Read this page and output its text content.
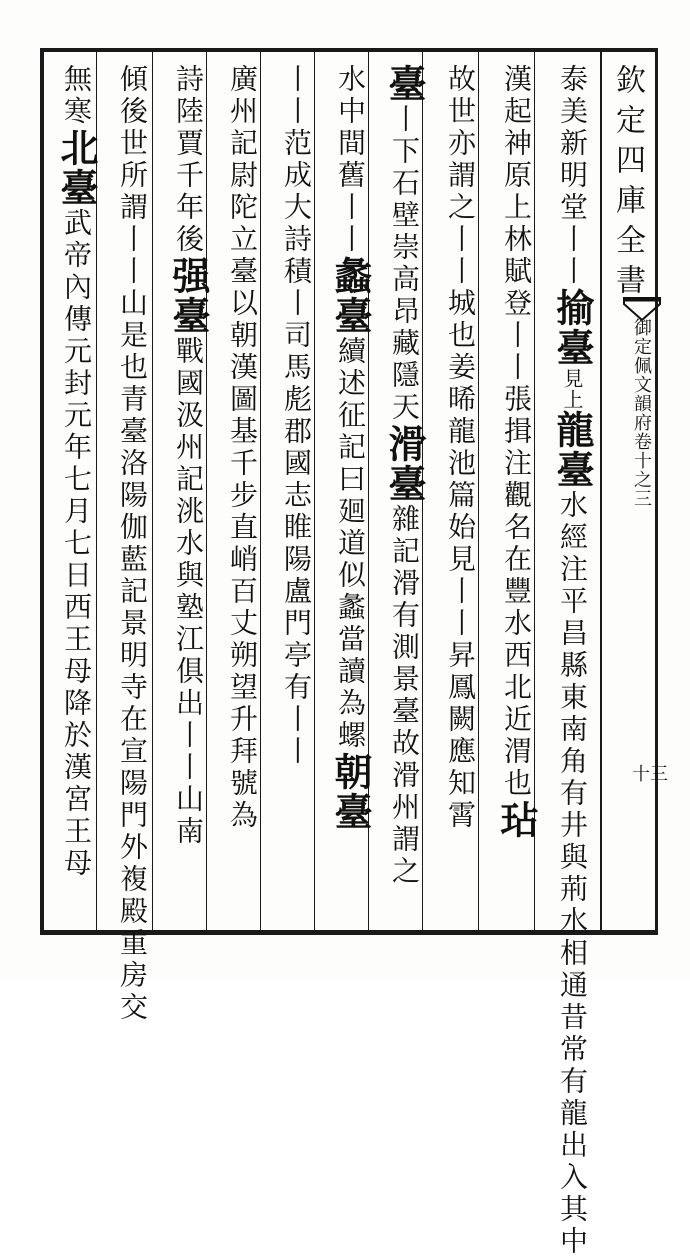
欽定四庫全書
御定佩文韻府卷十之三
十三
泰美新明堂丨丨揄臺見上龍臺水經注平昌縣東南角有井與荊水相通昔常有龍出入其中
漢起神原上林賦登丨丨張揖注觀名在豐水西北近渭也玷
故世亦謂之丨丨城也姜晞龍池篇始見丨丨昇鳳闕應知霄
臺丨下石壁崇高昂藏隱天滑臺雜記滑有測景臺故滑州謂之
水中間舊丨丨蠡臺續述征記曰廻道似蠡當讀為螺朝臺
丨丨范成大詩積丨司馬彪郡國志睢陽盧門亭有丨丨
廣州記尉陀立臺以朝漢圖基千步直峭百丈朔望升拜號為
詩陸賈千年後强臺戰國汲州記洮水與塾江俱出丨丨山南
傾後世所謂丨丨山是也青臺洛陽伽藍記景明寺在宣陽門外複殿重房交
無寒北臺武帝內傳元封元年七月七日西王母降於漢宮王母
